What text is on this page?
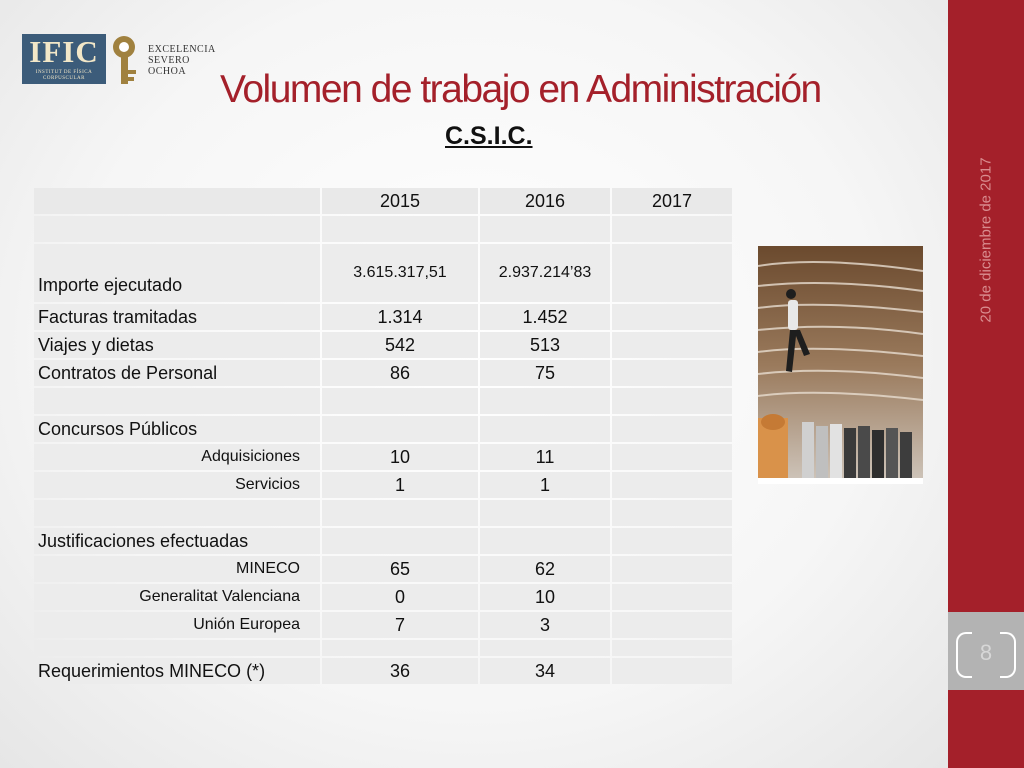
IFIC
INSTITUT DE FÍSICA CORPUSCULAR
EXCELENCIA
SEVERO
OCHOA Volumen de trabajo en Administración
C.S.I.C.
	2015	2016	2017

Importe ejecutado	3.615.317,51	2.937.214’83	
Facturas tramitadas	1.314	1.452	
Viajes y dietas	542	513	
Contratos de Personal	86	75	

Concursos Públicos			
Adquisiciones	10	11	
Servicios	1	1	

Justificaciones efectuadas			
MINECO	65	62	
Generalitat Valenciana	0	10	
Unión Europea	7	3	

Requerimientos MINECO (*)	36	34	
20 de diciembre de 2017
8
